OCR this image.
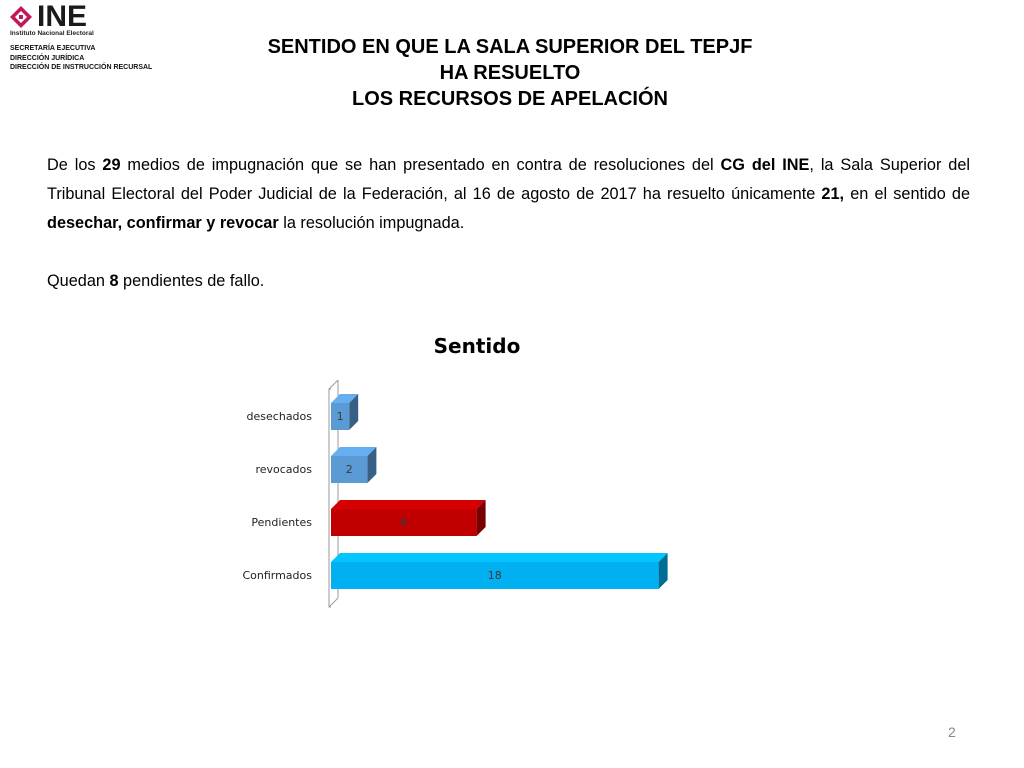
INE
Instituto Nacional Electoral
SECRETARÍA EJECUTIVA
DIRECCIÓN JURÍDICA
DIRECCIÓN DE INSTRUCCIÓN RECURSAL
SENTIDO EN QUE LA SALA SUPERIOR DEL TEPJF
HA RESUELTO
LOS RECURSOS DE APELACIÓN
De los 29 medios de impugnación que se han presentado en contra de resoluciones del CG del INE, la Sala Superior del Tribunal Electoral del Poder Judicial de la Federación, al 16 de agosto de 2017 ha resuelto únicamente 21, en el sentido de desechar, confirmar y revocar la resolución impugnada.
Quedan 8 pendientes de fallo.
Sentido
1
desechados
2
revocados
8
Pendientes
18
Confirmados
2
